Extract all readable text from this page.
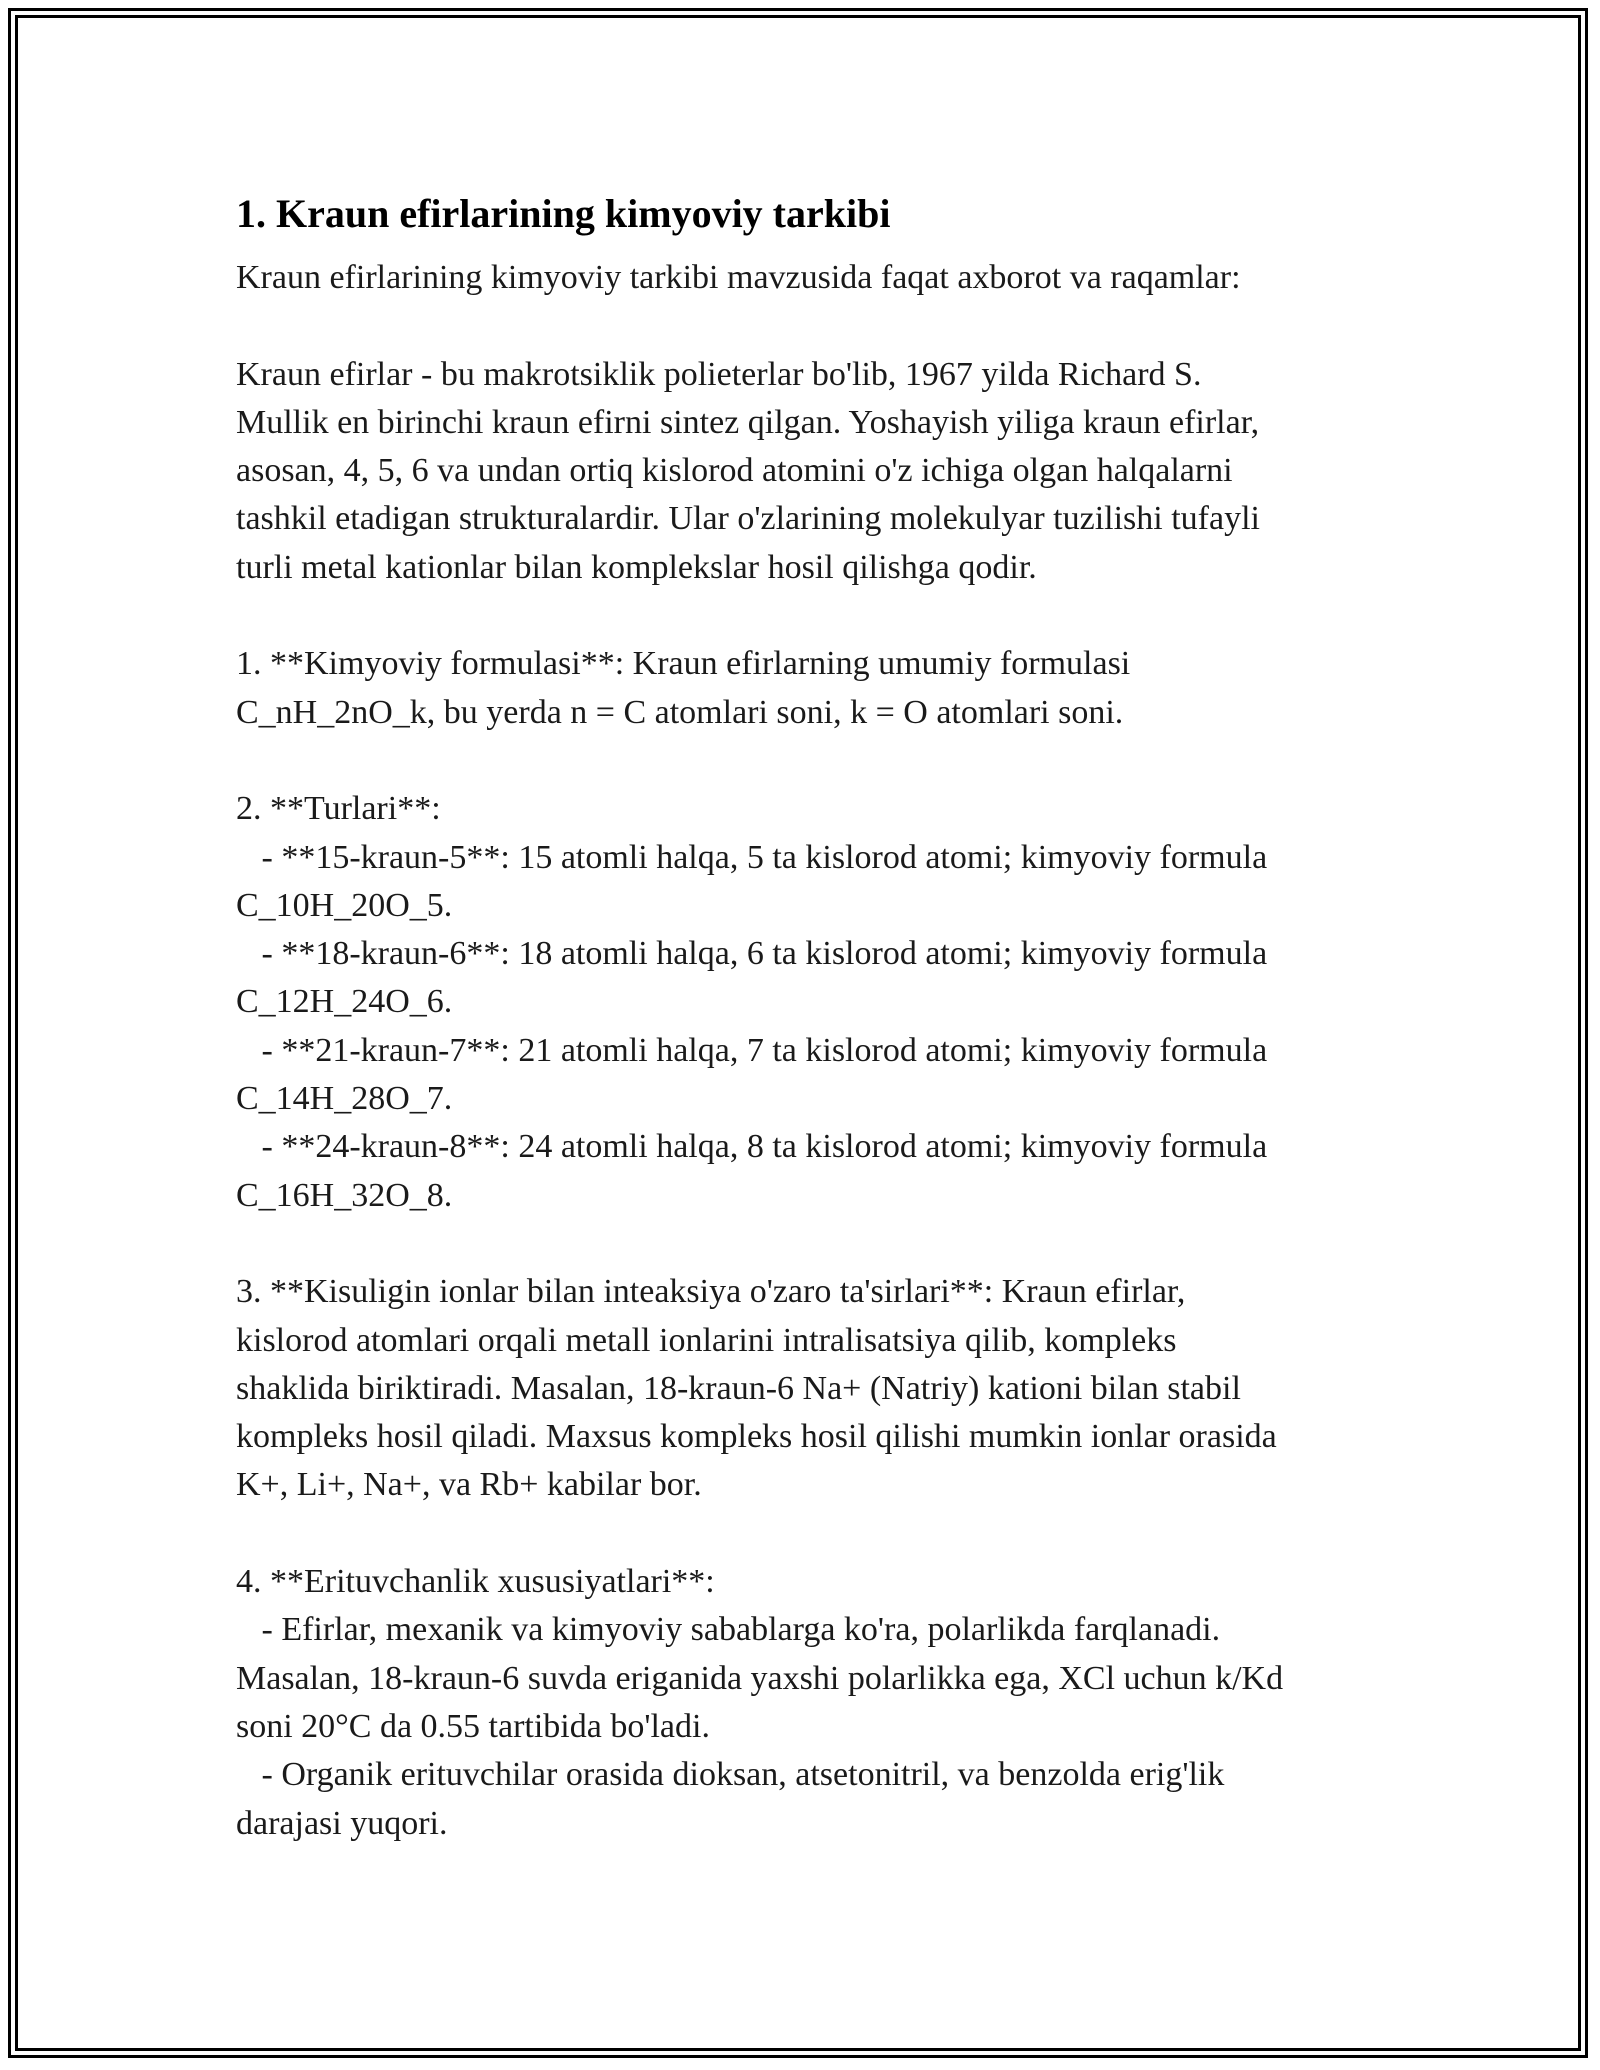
1. Kraun efirlarining kimyoviy tarkibi

Kraun efirlarining kimyoviy tarkibi mavzusida faqat axborot va raqamlar:

Kraun efirlar - bu makrotsiklik polieterlar bo'lib, 1967 yilda Richard S.
Mullik en birinchi kraun efirni sintez qilgan. Yoshayish yiliga kraun efirlar,
asosan, 4, 5, 6 va undan ortiq kislorod atomini o'z ichiga olgan halqalarni
tashkil etadigan strukturalardir. Ular o'zlarining molekulyar tuzilishi tufayli
turli metal kationlar bilan komplekslar hosil qilishga qodir.

1. **Kimyoviy formulasi**: Kraun efirlarning umumiy formulasi
C_nH_2nO_k, bu yerda n = C atomlari soni, k = O atomlari soni.

2. **Turlari**:
- **15-kraun-5**: 15 atomli halqa, 5 ta kislorod atomi; kimyoviy formula
C_10H_20O_5.
- **18-kraun-6**: 18 atomli halqa, 6 ta kislorod atomi; kimyoviy formula
C_12H_24O_6.
- **21-kraun-7**: 21 atomli halqa, 7 ta kislorod atomi; kimyoviy formula
C_14H_28O_7.
- **24-kraun-8**: 24 atomli halqa, 8 ta kislorod atomi; kimyoviy formula
C_16H_32O_8.

3. **Kisuligin ionlar bilan inteaksiya o'zaro ta'sirlari**: Kraun efirlar,
kislorod atomlari orqali metall ionlarini intralisatsiya qilib, kompleks
shaklida biriktiradi. Masalan, 18-kraun-6 Na+ (Natriy) kationi bilan stabil
kompleks hosil qiladi. Maxsus kompleks hosil qilishi mumkin ionlar orasida
K+, Li+, Na+, va Rb+ kabilar bor.

4. **Erituvchanlik xususiyatlari**:
- Efirlar, mexanik va kimyoviy sabablarga ko'ra, polarlikda farqlanadi.
Masalan, 18-kraun-6 suvda eriganida yaxshi polarlikka ega, XCl uchun k/Kd
soni 20°C da 0.55 tartibida bo'ladi.
- Organik erituvchilar orasida dioksan, atsetonitril, va benzolda erig'lik
darajasi yuqori.
